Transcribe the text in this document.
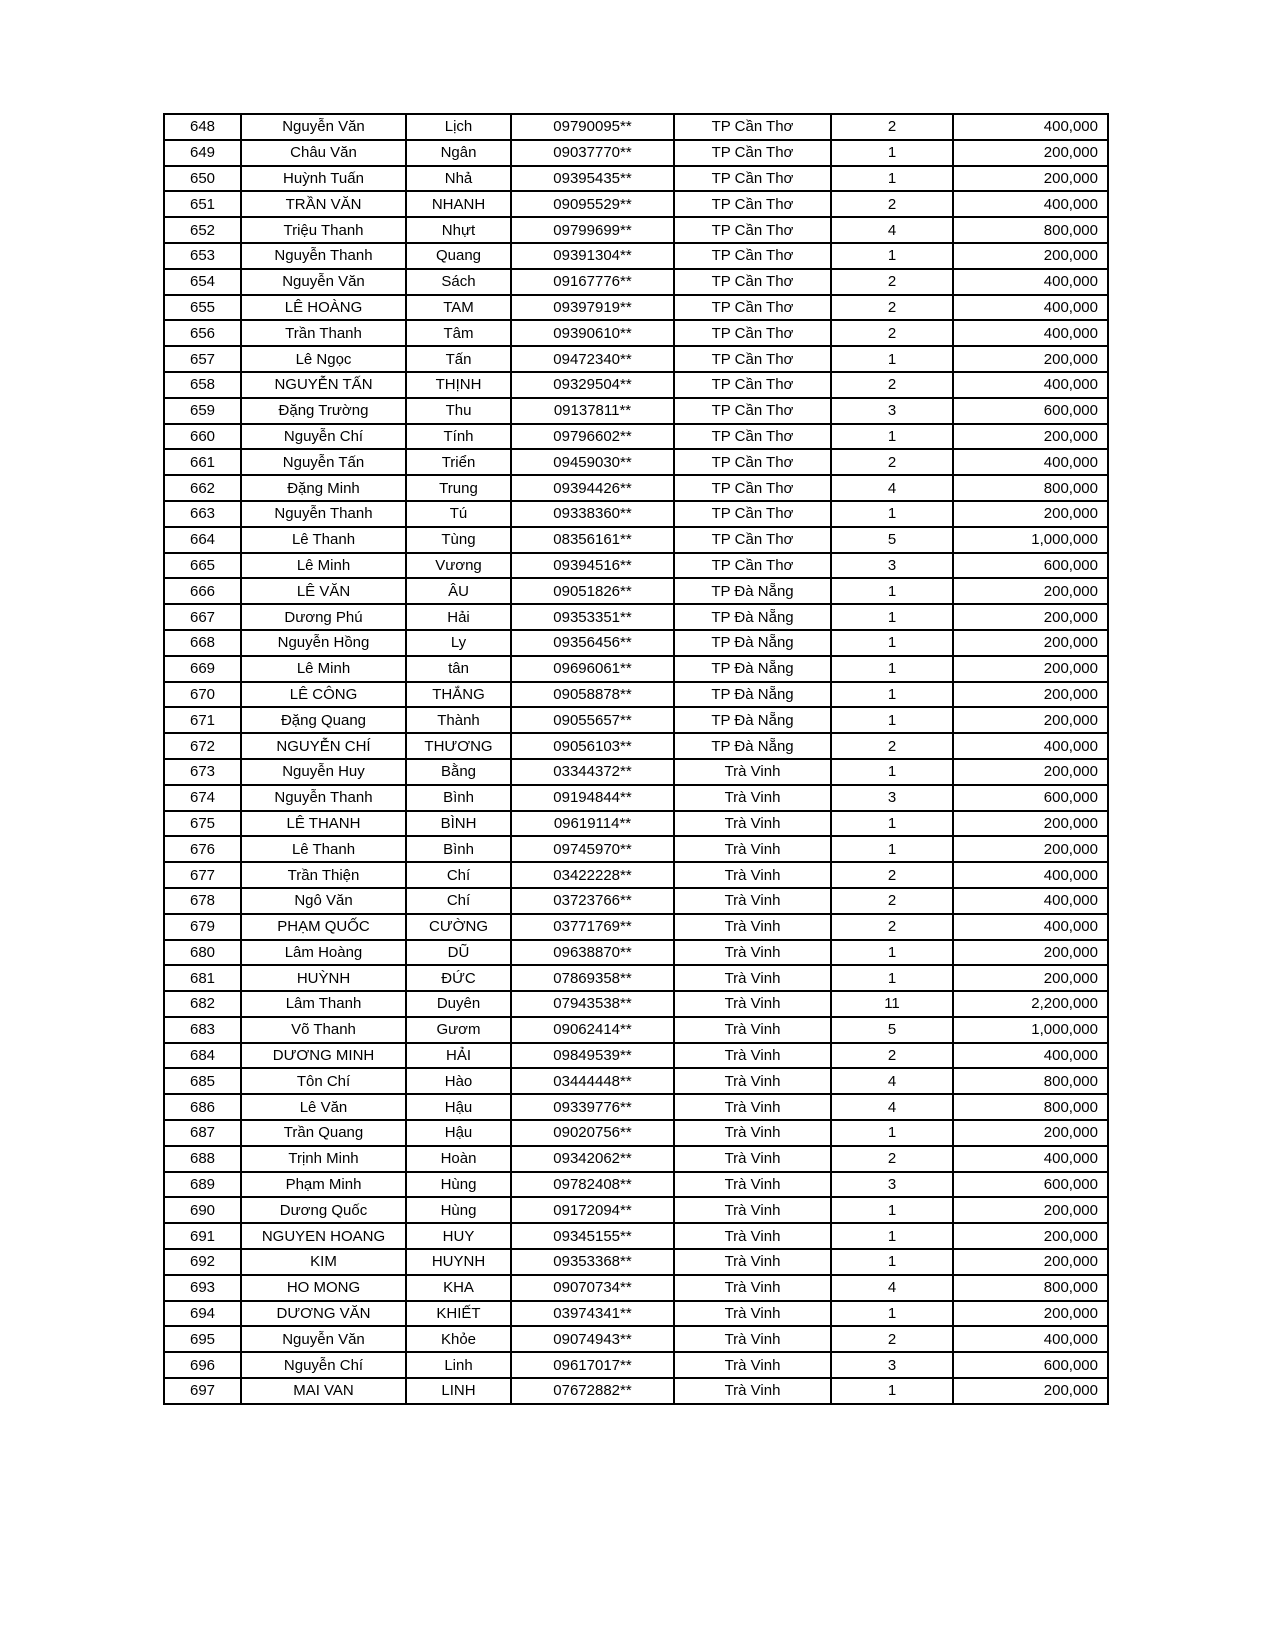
648	Nguyễn Văn	Lịch	09790095**	TP Cần Thơ	2	400,000
649	Châu Văn	Ngân	09037770**	TP Cần Thơ	1	200,000
650	Huỳnh Tuấn	Nhả	09395435**	TP Cần Thơ	1	200,000
651	TRẦN VĂN	NHANH	09095529**	TP Cần Thơ	2	400,000
652	Triệu Thanh	Nhựt	09799699**	TP Cần Thơ	4	800,000
653	Nguyễn Thanh	Quang	09391304**	TP Cần Thơ	1	200,000
654	Nguyễn Văn	Sách	09167776**	TP Cần Thơ	2	400,000
655	LÊ HOÀNG	TAM	09397919**	TP Cần Thơ	2	400,000
656	Trần Thanh	Tâm	09390610**	TP Cần Thơ	2	400,000
657	Lê Ngọc	Tấn	09472340**	TP Cần Thơ	1	200,000
658	NGUYỄN TẤN	THỊNH	09329504**	TP Cần Thơ	2	400,000
659	Đặng Trường	Thu	09137811**	TP Cần Thơ	3	600,000
660	Nguyễn Chí	Tính	09796602**	TP Cần Thơ	1	200,000
661	Nguyễn Tấn	Triển	09459030**	TP Cần Thơ	2	400,000
662	Đặng Minh	Trung	09394426**	TP Cần Thơ	4	800,000
663	Nguyễn Thanh	Tú	09338360**	TP Cần Thơ	1	200,000
664	Lê Thanh	Tùng	08356161**	TP Cần Thơ	5	1,000,000
665	Lê Minh	Vương	09394516**	TP Cần Thơ	3	600,000
666	LÊ VĂN	ÂU	09051826**	TP Đà Nẵng	1	200,000
667	Dương Phú	Hải	09353351**	TP Đà Nẵng	1	200,000
668	Nguyễn Hồng	Ly	09356456**	TP Đà Nẵng	1	200,000
669	Lê Minh	tân	09696061**	TP Đà Nẵng	1	200,000
670	LÊ CÔNG	THẮNG	09058878**	TP Đà Nẵng	1	200,000
671	Đặng Quang	Thành	09055657**	TP Đà Nẵng	1	200,000
672	NGUYỄN CHÍ	THƯƠNG	09056103**	TP Đà Nẵng	2	400,000
673	Nguyễn Huy	Bằng	03344372**	Trà Vinh	1	200,000
674	Nguyễn Thanh	Bình	09194844**	Trà Vinh	3	600,000
675	LÊ THANH	BÌNH	09619114**	Trà Vinh	1	200,000
676	Lê Thanh	Bình	09745970**	Trà Vinh	1	200,000
677	Trần Thiện	Chí	03422228**	Trà Vinh	2	400,000
678	Ngô Văn	Chí	03723766**	Trà Vinh	2	400,000
679	PHẠM QUỐC	CƯỜNG	03771769**	Trà Vinh	2	400,000
680	Lâm Hoàng	DŨ	09638870**	Trà Vinh	1	200,000
681	HUỲNH	ĐỨC	07869358**	Trà Vinh	1	200,000
682	Lâm Thanh	Duyên	07943538**	Trà Vinh	11	2,200,000
683	Võ Thanh	Gươm	09062414**	Trà Vinh	5	1,000,000
684	DƯƠNG MINH	HẢI	09849539**	Trà Vinh	2	400,000
685	Tôn Chí	Hào	03444448**	Trà Vinh	4	800,000
686	Lê Văn	Hậu	09339776**	Trà Vinh	4	800,000
687	Trần Quang	Hậu	09020756**	Trà Vinh	1	200,000
688	Trịnh Minh	Hoàn	09342062**	Trà Vinh	2	400,000
689	Phạm Minh	Hùng	09782408**	Trà Vinh	3	600,000
690	Dương Quốc	Hùng	09172094**	Trà Vinh	1	200,000
691	NGUYEN HOANG	HUY	09345155**	Trà Vinh	1	200,000
692	KIM	HUYNH	09353368**	Trà Vinh	1	200,000
693	HO MONG	KHA	09070734**	Trà Vinh	4	800,000
694	DƯƠNG VĂN	KHIẾT	03974341**	Trà Vinh	1	200,000
695	Nguyễn Văn	Khỏe	09074943**	Trà Vinh	2	400,000
696	Nguyễn Chí	Linh	09617017**	Trà Vinh	3	600,000
697	MAI VAN	LINH	07672882**	Trà Vinh	1	200,000
